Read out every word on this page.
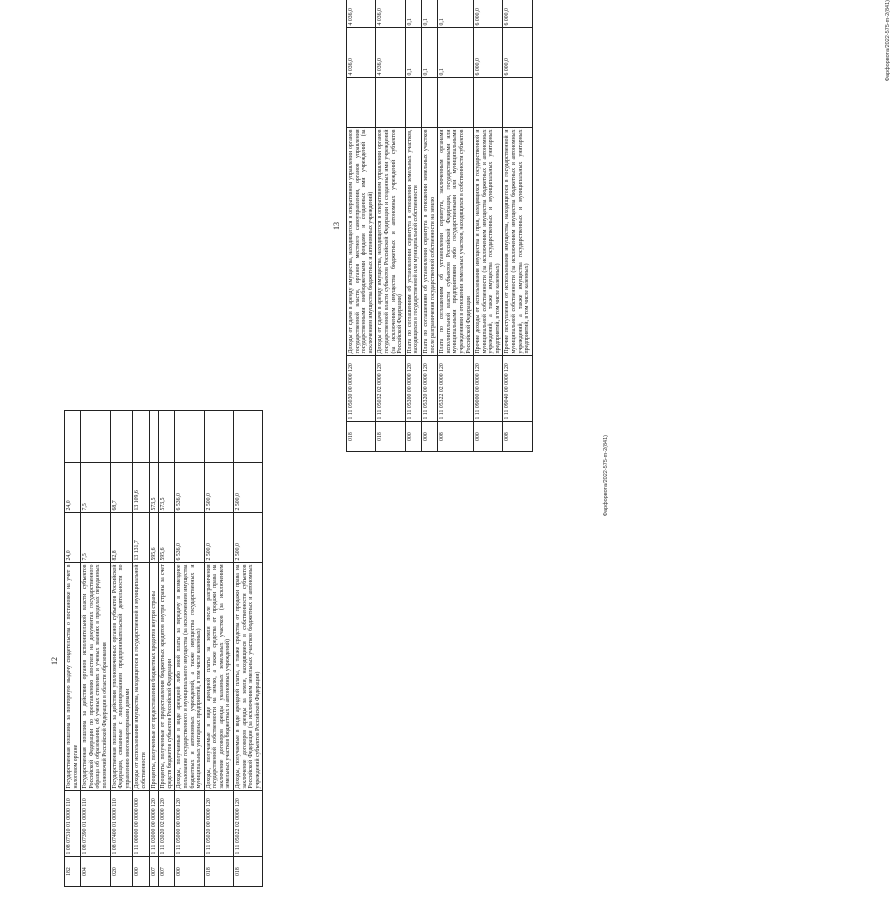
12
182	1 08 07310 01 0000 110	Государственная пошлина за повторную выдачу свидетельства о постановке на учет в налоговом органе	24,0	24,0	
004	1 08 07390 01 0000 110	Государственная пошлина за действия органов исполнительной власти субъектов Российской Федерации по проставлению апостиля на документах государственного образца об образовании, об ученых степенях и ученых званиях в пределах переданных полномочий Российской Федерации в области образования	7,5	7,5	
020	1 08 07400 01 0000 110	Государственная пошлина за действия уполномоченных органов субъектов Российской Федерации, связанные с лицензированием предпринимательской деятельности по управлению многоквартирными домами	82,8	68,7	
000	1 11 00000 00 0000 000	Доходы от использования имущества, находящегося в государственной и муниципальной собственности	13 131,7	13 109,6	
007	1 11 03000 00 0000 120	Проценты, полученные от предоставления бюджетных кредитов внутри страны	595,6	573,5	
007	1 11 03020 02 0000 120	Проценты, полученные от предоставления бюджетных кредитов внутри страны за счет средств бюджетов субъектов Российской Федерации	595,6	573,5	
000	1 11 05000 00 0000 120	Доходы, получаемые в виде арендной либо иной платы за передачу в возмездное пользование государственного и муниципального имущества (за исключением имущества бюджетных и автономных учреждений, а также имущества государственных и муниципальных унитарных предприятий, в том числе казенных)	6 536,0	6 536,0	
018	1 11 05020 00 0000 120	Доходы, получаемые в виде арендной платы за земли после разграничения государственной собственности на землю, а также средства от продажи права на заключение договоров аренды указанных земельных участков (за исключением земельных участков бюджетных и автономных учреждений)	2 500,0	2 500,0	
018	1 11 05022 02 0000 120	Доходы, получаемые в виде арендной платы, а также средства от продажи права на заключение договоров аренды за земли, находящиеся в собственности субъектов Российской Федерации (за исключением земельных участков бюджетных и автономных учреждений субъектов Российской Федерации)	2 500,0	2 500,0		Фарфорвотa/2022-575-m-2(841)
13
018	1 11 05030 00 0000 120	Доходы от сдачи в аренду имущества, находящегося в оперативном управлении органов государственной власти, органов местного самоуправления, органов управления государственными внебюджетными фондами и созданных ими учреждений (за исключением имущества бюджетных и автономных учреждений)		4 036,0	4 036,0
018	1 11 05032 02 0000 120	Доходы от сдачи в аренду имущества, находящегося в оперативном управлении органов государственной власти субъектов Российской Федерации и созданных ими учреждений (за исключением имущества бюджетных и автономных учреждений субъектов Российской Федерации)		4 036,0	4 036,0
000	1 11 05300 00 0000 120	Плата по соглашениям об установлении сервитута в отношении земельных участков, находящихся в государственной или муниципальной собственности		0,1	0,1
000	1 11 05320 00 0000 120	Плата по соглашениям об установлении сервитута в отношении земельных участков после разграничения государственной собственности на землю		0,1	0,1
008	1 11 05322 02 0000 120	Плата по соглашениям об установлении сервитута, заключенным органами исполнительной власти субъектов Российской Федерации, государственными или муниципальными предприятиями либо государственными или муниципальными учреждениями в отношении земельных участков, находящихся в собственности субъектов Российской Федерации		0,1	0,1
000	1 11 09000 00 0000 120	Прочие доходы от использования имущества и прав, находящихся в государственной и муниципальной собственности (за исключением имущества бюджетных и автономных учреждений, а также имущества государственных и муниципальных унитарных предприятий, в том числе казенных)		6 000,0	6 000,0
008	1 11 09040 00 0000 120	Прочие поступления от использования имущества, находящегося в государственной и муниципальной собственности (за исключением имущества бюджетных и автономных учреждений, а также имущества государственных и муниципальных унитарных предприятий, в том числе казенных)		6 000,0	6 000,0	Фарфорвотa/2022-575-m-2(841)
